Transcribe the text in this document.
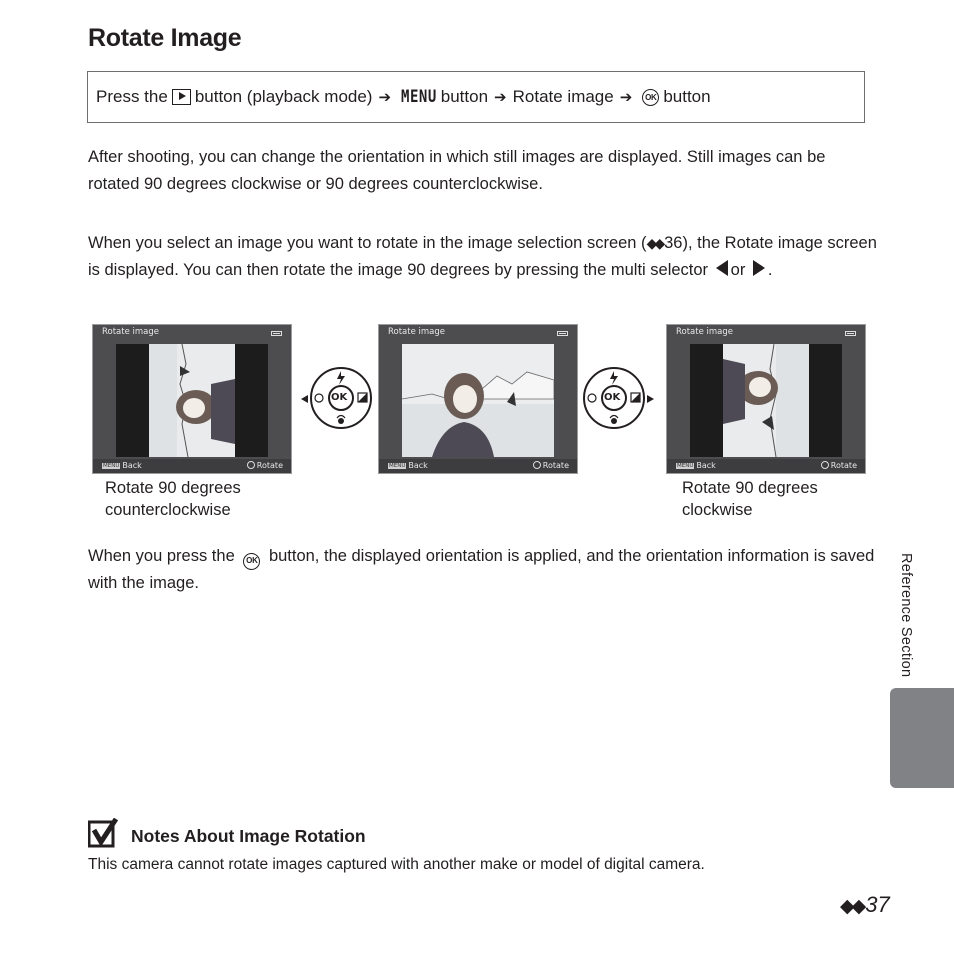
Rotate Image
Press the button (playback mode) ➔ MENU button ➔ Rotate image ➔	OK button
After shooting, you can change the orientation in which still images are displayed. Still images can be rotated 90 degrees clockwise or 90 degrees counterclockwise.
When you select an image you want to rotate in the image selection screen (◆◆ 36), the Rotate image screen is displayed. You can then rotate the image 90 degrees by pressing the multi selector or .
Rotate image
MENU Back	Rotate
OK
Rotate image
MENU Back	Rotate
OK
Rotate image
MENU Back	Rotate
Rotate 90 degrees
counterclockwise
Rotate 90 degrees
clockwise
When you press the OK button, the displayed orientation is applied, and the orientation information is saved with the image.	Reference Section
Notes About Image Rotation
This camera cannot rotate images captured with another make or model of digital camera.
◆◆37
